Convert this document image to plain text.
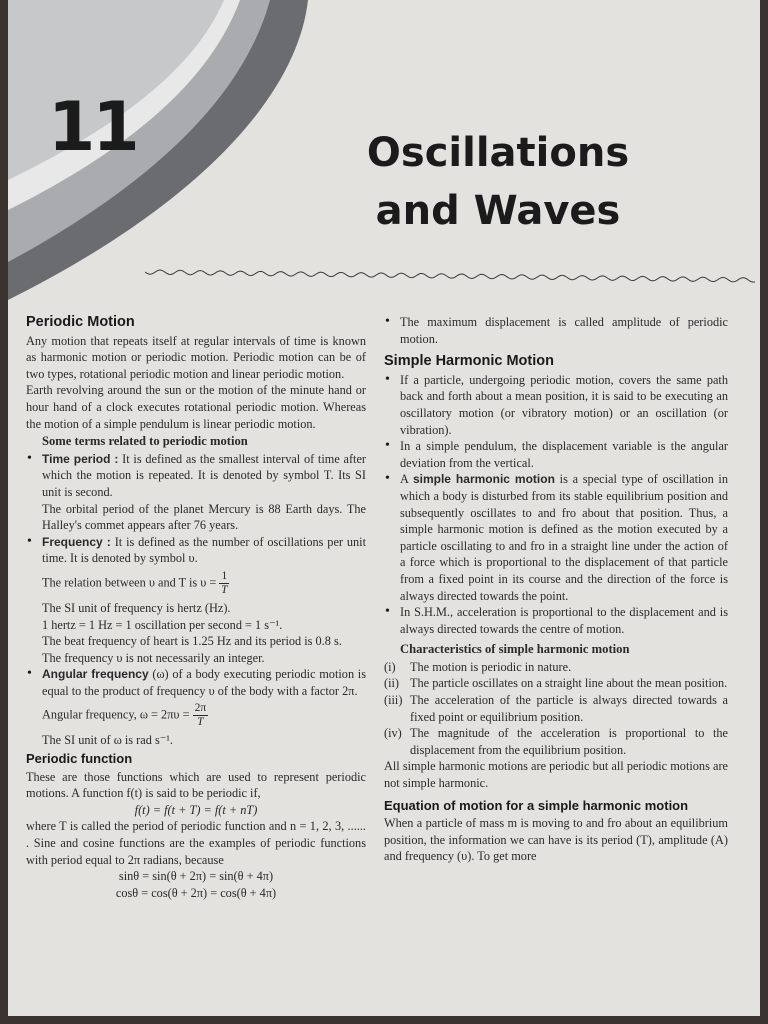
11	Oscillations
and Waves
Periodic Motion

Any motion that repeats itself at regular intervals of time is known as harmonic motion or periodic motion. Periodic motion can be of two types, rotational periodic motion and linear periodic motion.

Earth revolving around the sun or the motion of the minute hand or hour hand of a clock executes rotational periodic motion. Whereas the motion of a simple pendulum is linear periodic motion.

Some terms related to periodic motion
• Time period : It is defined as the smallest interval of time after which the motion is repeated. It is denoted by symbol T. Its SI unit is second.

The orbital period of the planet Mercury is 88 Earth days. The Halley's commet appears after 76 years.

• Frequency : It is defined as the number of oscillations per unit time. It is denoted by symbol υ.
The relation between υ and T is $\upsilon = \frac{1}{T}$

The SI unit of frequency is hertz (Hz).

1 hertz = 1 Hz = 1 oscillation per second = 1 s⁻¹.

The beat frequency of heart is 1.25 Hz and its period is 0.8 s.

The frequency υ is not necessarily an integer.

• Angular frequency (ω) of a body executing periodic motion is equal to the product of frequency υ of the body with a factor 2π.
Angular frequency, $\omega = 2\pi\upsilon = \frac{2\pi}{T}$

The SI unit of ω is rad s⁻¹.

Periodic function

These are those functions which are used to represent periodic motions. A function f(t) is said to be periodic if,

f(t) = f(t + T) = f(t + nT)

where T is called the period of periodic function and n = 1, 2, 3, ...... . Sine and cosine functions are the examples of periodic functions with period equal to 2π radians, because

sinθ = sin(θ + 2π) = sin(θ + 4π)

cosθ = cos(θ + 2π) = cos(θ + 4π)

• The maximum displacement is called amplitude of periodic motion.
Simple Harmonic Motion
• If a particle, undergoing periodic motion, covers the same path back and forth about a mean position, it is said to be executing an oscillatory motion (or vibratory motion) or an oscillation (or vibration).
• In a simple pendulum, the displacement variable is the angular deviation from the vertical.
• A simple harmonic motion is a special type of oscillation in which a body is disturbed from its stable equilibrium position and subsequently oscillates to and fro about that position. Thus, a simple harmonic motion is defined as the motion executed by a particle oscillating to and fro in a straight line under the action of a force which is proportional to the displacement of that particle from a fixed point in its course and the direction of the force is always directed towards the point.
• In S.H.M., acceleration is proportional to the displacement and is always directed towards the centre of motion.
Characteristics of simple harmonic motion
(i) The motion is periodic in nature.
(ii) The particle oscillates on a straight line about the mean position.
(iii) The acceleration of the particle is always directed towards a fixed point or equilibrium position.
(iv) The magnitude of the acceleration is proportional to the displacement from the equilibrium position.

All simple harmonic motions are periodic but all periodic motions are not simple harmonic.

Equation of motion for a simple harmonic motion

When a particle of mass m is moving to and fro about an equilibrium position, the information we can have is its period (T), amplitude (A) and frequency (υ). To get more
